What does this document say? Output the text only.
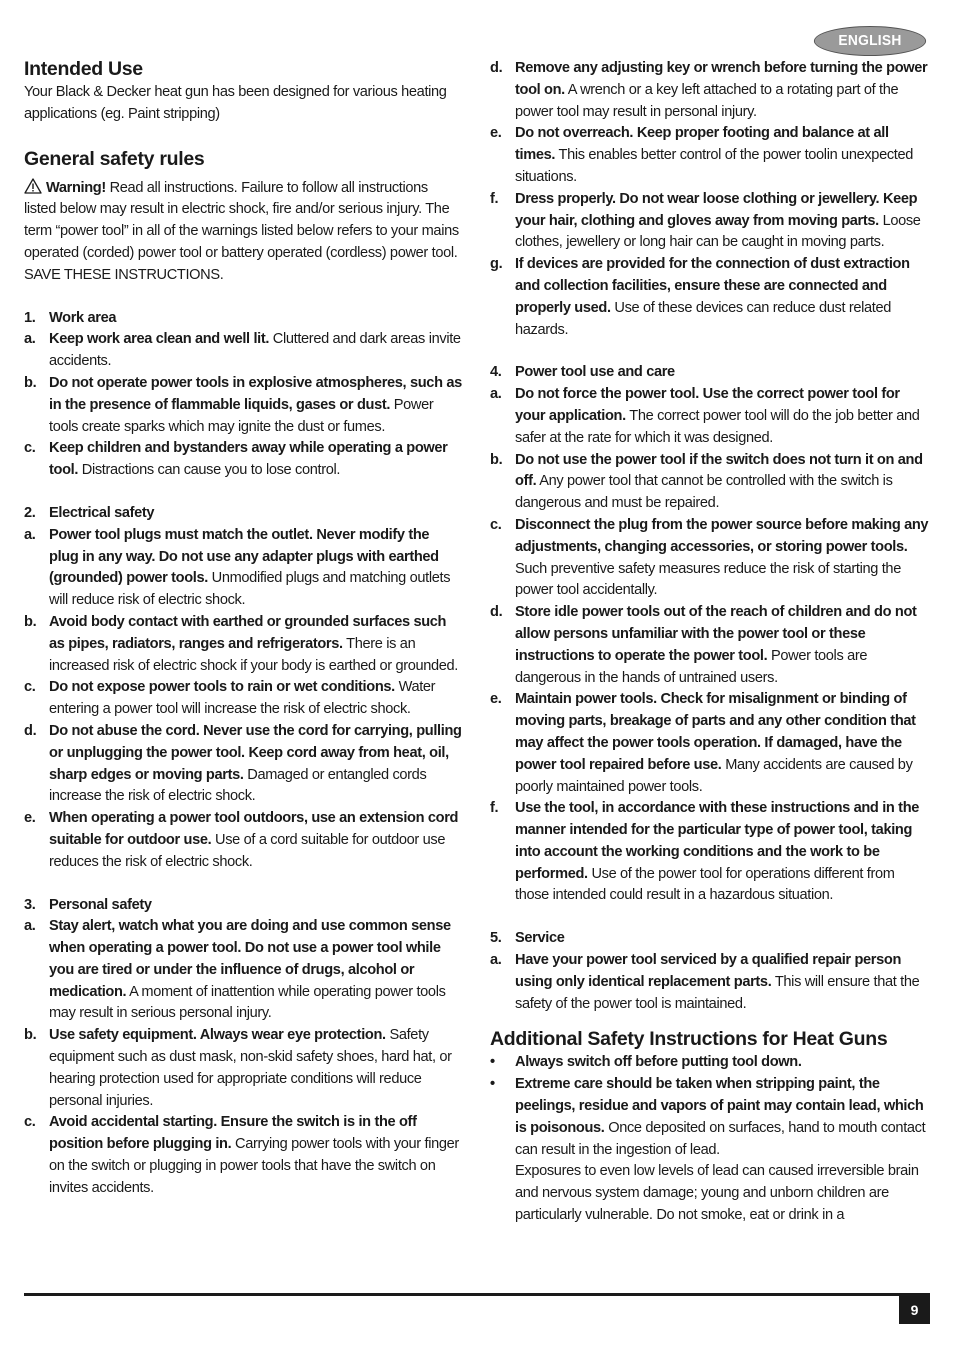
ENGLISH
Intended Use

Your Black & Decker heat gun has been designed for various heating applications (eg. Paint stripping)

General safety rules

Warning! Read all instructions. Failure to follow all instructions listed below may result in electric shock, fire and/or serious injury. The term “power tool” in all of the warnings listed below refers to your mains operated (corded) power tool or battery operated (cordless) power tool. SAVE THESE INSTRUCTIONS.

1. Work area
a. Keep work area clean and well lit. Cluttered and dark areas invite accidents.
b. Do not operate power tools in explosive atmospheres, such as in the presence of flammable liquids, gases or dust. Power tools create sparks which may ignite the dust or fumes.
c. Keep children and bystanders away while operating a power tool. Distractions can cause you to lose control.
2. Electrical safety
a. Power tool plugs must match the outlet. Never modify the plug in any way. Do not use any adapter plugs with earthed (grounded) power tools. Unmodified plugs and matching outlets will reduce risk of electric shock.
b. Avoid body contact with earthed or grounded surfaces such as pipes, radiators, ranges and refrigerators. There is an increased risk of electric shock if your body is earthed or grounded.
c. Do not expose power tools to rain or wet conditions. Water entering a power tool will increase the risk of electric shock.
d. Do not abuse the cord. Never use the cord for carrying, pulling or unplugging the power tool. Keep cord away from heat, oil, sharp edges or moving parts. Damaged or entangled cords increase the risk of electric shock.
e. When operating a power tool outdoors, use an extension cord suitable for outdoor use. Use of a cord suitable for outdoor use reduces the risk of electric shock.
3. Personal safety
a. Stay alert, watch what you are doing and use common sense when operating a power tool. Do not use a power tool while you are tired or under the influence of drugs, alcohol or medication. A moment of inattention while operating power tools may result in serious personal injury.
b. Use safety equipment. Always wear eye protection. Safety equipment such as dust mask, non-skid safety shoes, hard hat, or hearing protection used for appropriate conditions will reduce personal injuries.
c. Avoid accidental starting. Ensure the switch is in the off position before plugging in. Carrying power tools with your finger on the switch or plugging in power tools that have the switch on invites accidents.
d. Remove any adjusting key or wrench before turning the power tool on. A wrench or a key left attached to a rotating part of the power tool may result in personal injury.
e. Do not overreach. Keep proper footing and balance at all times. This enables better control of the power toolin unexpected situations.
f.	Dress properly. Do not wear loose clothing or jewellery. Keep your hair, clothing and gloves away from moving parts. Loose clothes, jewellery or long hair can be caught in moving parts.
g. If devices are provided for the connection of dust extraction and collection facilities, ensure these are connected and properly used. Use of these devices can reduce dust related hazards.
4. Power tool use and care
a. Do not force the power tool. Use the correct power tool for your application. The correct power tool will do the job better and safer at the rate for which it was designed.
b. Do not use the power tool if the switch does not turn it on and off. Any power tool that cannot be controlled with the switch is dangerous and must be repaired.
c. Disconnect the plug from the power source before making any adjustments, changing accessories, or storing power tools. Such preventive safety measures reduce the risk of starting the power tool accidentally.
d. Store idle power tools out of the reach of children and do not allow persons unfamiliar with the power tool or these instructions to operate the power tool. Power tools are dangerous in the hands of untrained users.
e. Maintain power tools. Check for misalignment or binding of moving parts, breakage of parts and any other condition that may affect the power tools operation. If damaged, have the power tool repaired before use. Many accidents are caused by poorly maintained power tools.
f.	Use the tool, in accordance with these instructions and in the manner intended for the particular type of power tool, taking into account the working conditions and the work to be performed. Use of the power tool for operations different from those intended could result in a hazardous situation.
5. Service
a. Have your power tool serviced by a qualified repair person using only identical replacement parts. This will ensure that the safety of the power tool is maintained.
Additional Safety Instructions for Heat Guns
•	Always switch off before putting tool down.
•	Extreme care should be taken when stripping paint, the peelings, residue and vapors of paint may contain lead, which is poisonous. Once deposited on surfaces, hand to mouth contact can result in the ingestion of lead.
Exposures to even low levels of lead can caused irreversible brain and nervous system damage; young and unborn children are particularly vulnerable. Do not smoke, eat or drink in a
9
